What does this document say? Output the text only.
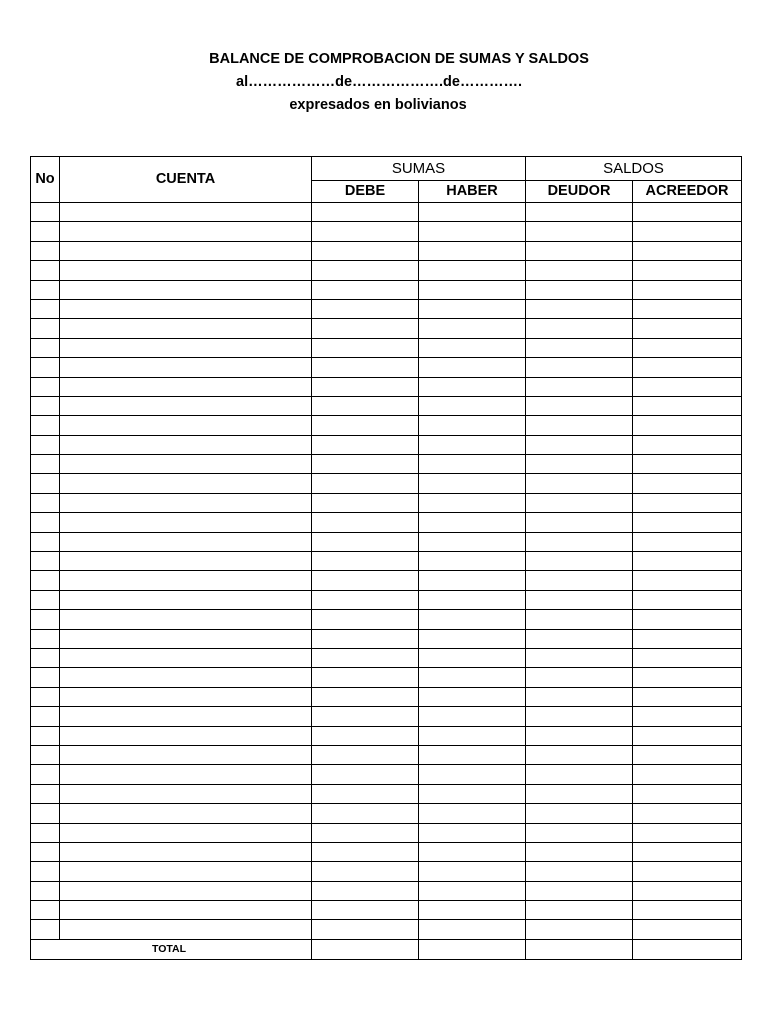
BALANCE DE COMPROBACION DE SUMAS Y SALDOS
al………………de……………….de………….
expresados en bolivianos
No	CUENTA	SUMAS		SALDOS	
		DEBE	HABER	DEUDOR	ACREEDOR

TOTAL					
